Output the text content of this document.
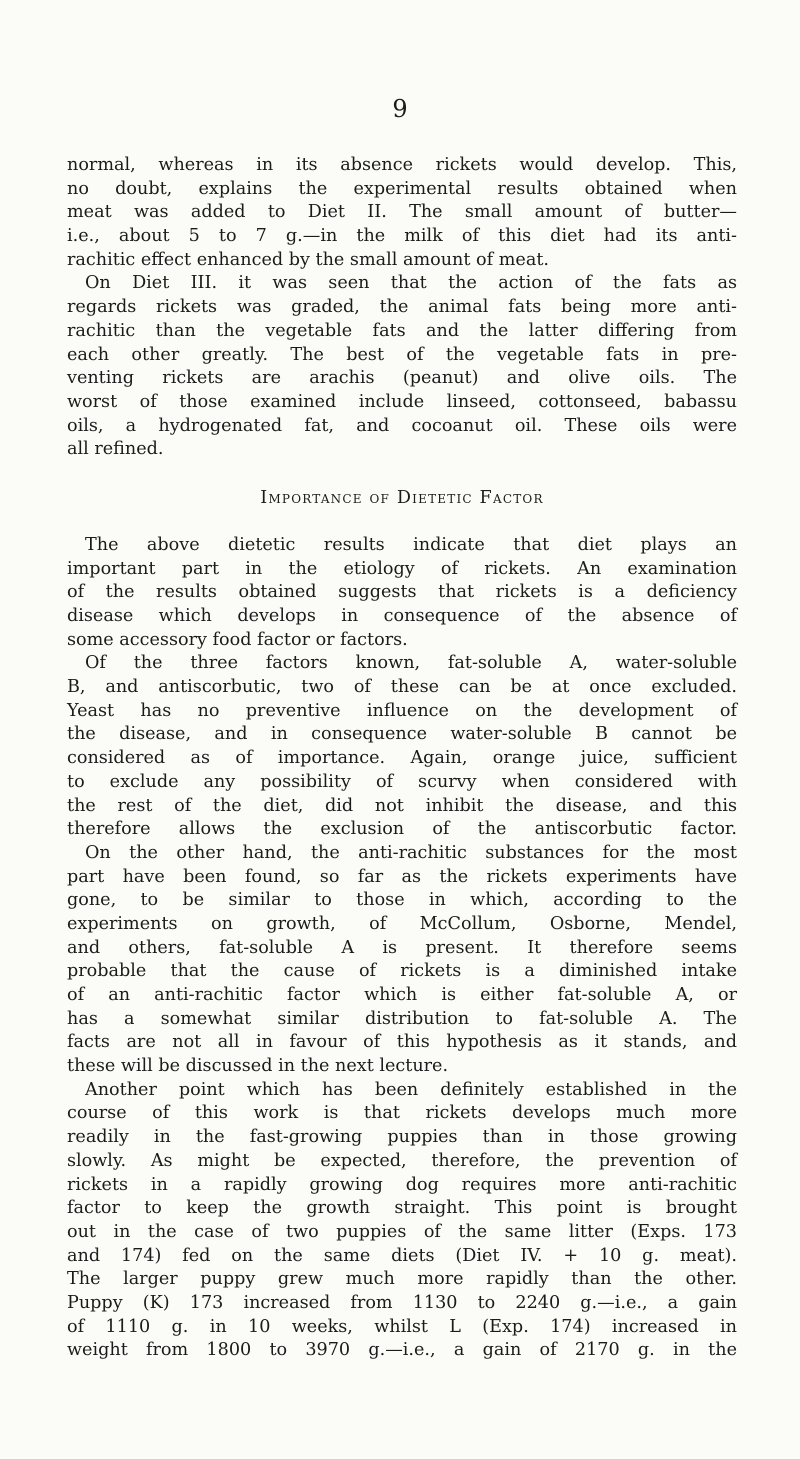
9
normal, whereas in its absence rickets would develop. This,
no doubt, explains the experimental results obtained when
meat was added to Diet II. The small amount of butter—
i.e., about 5 to 7 g.—in the milk of this diet had its anti-
rachitic effect enhanced by the small amount of meat.
On Diet III. it was seen that the action of the fats as
regards rickets was graded, the animal fats being more anti-
rachitic than the vegetable fats and the latter differing from
each other greatly. The best of the vegetable fats in pre-
venting rickets are arachis (peanut) and olive oils. The
worst of those examined include linseed, cottonseed, babassu
oils, a hydrogenated fat, and cocoanut oil. These oils were
all refined.
Importance of Dietetic Factor
The above dietetic results indicate that diet plays an
important part in the etiology of rickets. An examination
of the results obtained suggests that rickets is a deficiency
disease which develops in consequence of the absence of
some accessory food factor or factors.
Of the three factors known, fat-soluble A, water-soluble
B, and antiscorbutic, two of these can be at once excluded.
Yeast has no preventive influence on the development of
the disease, and in consequence water-soluble B cannot be
considered as of importance. Again, orange juice, sufficient
to exclude any possibility of scurvy when considered with
the rest of the diet, did not inhibit the disease, and this
therefore allows the exclusion of the antiscorbutic factor.
On the other hand, the anti-rachitic substances for the most
part have been found, so far as the rickets experiments have
gone, to be similar to those in which, according to the
experiments on growth, of McCollum, Osborne, Mendel,
and others, fat-soluble A is present. It therefore seems
probable that the cause of rickets is a diminished intake
of an anti-rachitic factor which is either fat-soluble A, or
has a somewhat similar distribution to fat-soluble A. The
facts are not all in favour of this hypothesis as it stands, and
these will be discussed in the next lecture.
Another point which has been definitely established in the
course of this work is that rickets develops much more
readily in the fast-growing puppies than in those growing
slowly. As might be expected, therefore, the prevention of
rickets in a rapidly growing dog requires more anti-rachitic
factor to keep the growth straight. This point is brought
out in the case of two puppies of the same litter (Exps. 173
and 174) fed on the same diets (Diet IV. + 10 g. meat).
The larger puppy grew much more rapidly than the other.
Puppy (K) 173 increased from 1130 to 2240 g.—i.e., a gain
of 1110 g. in 10 weeks, whilst L (Exp. 174) increased in
weight from 1800 to 3970 g.—i.e., a gain of 2170 g. in the
